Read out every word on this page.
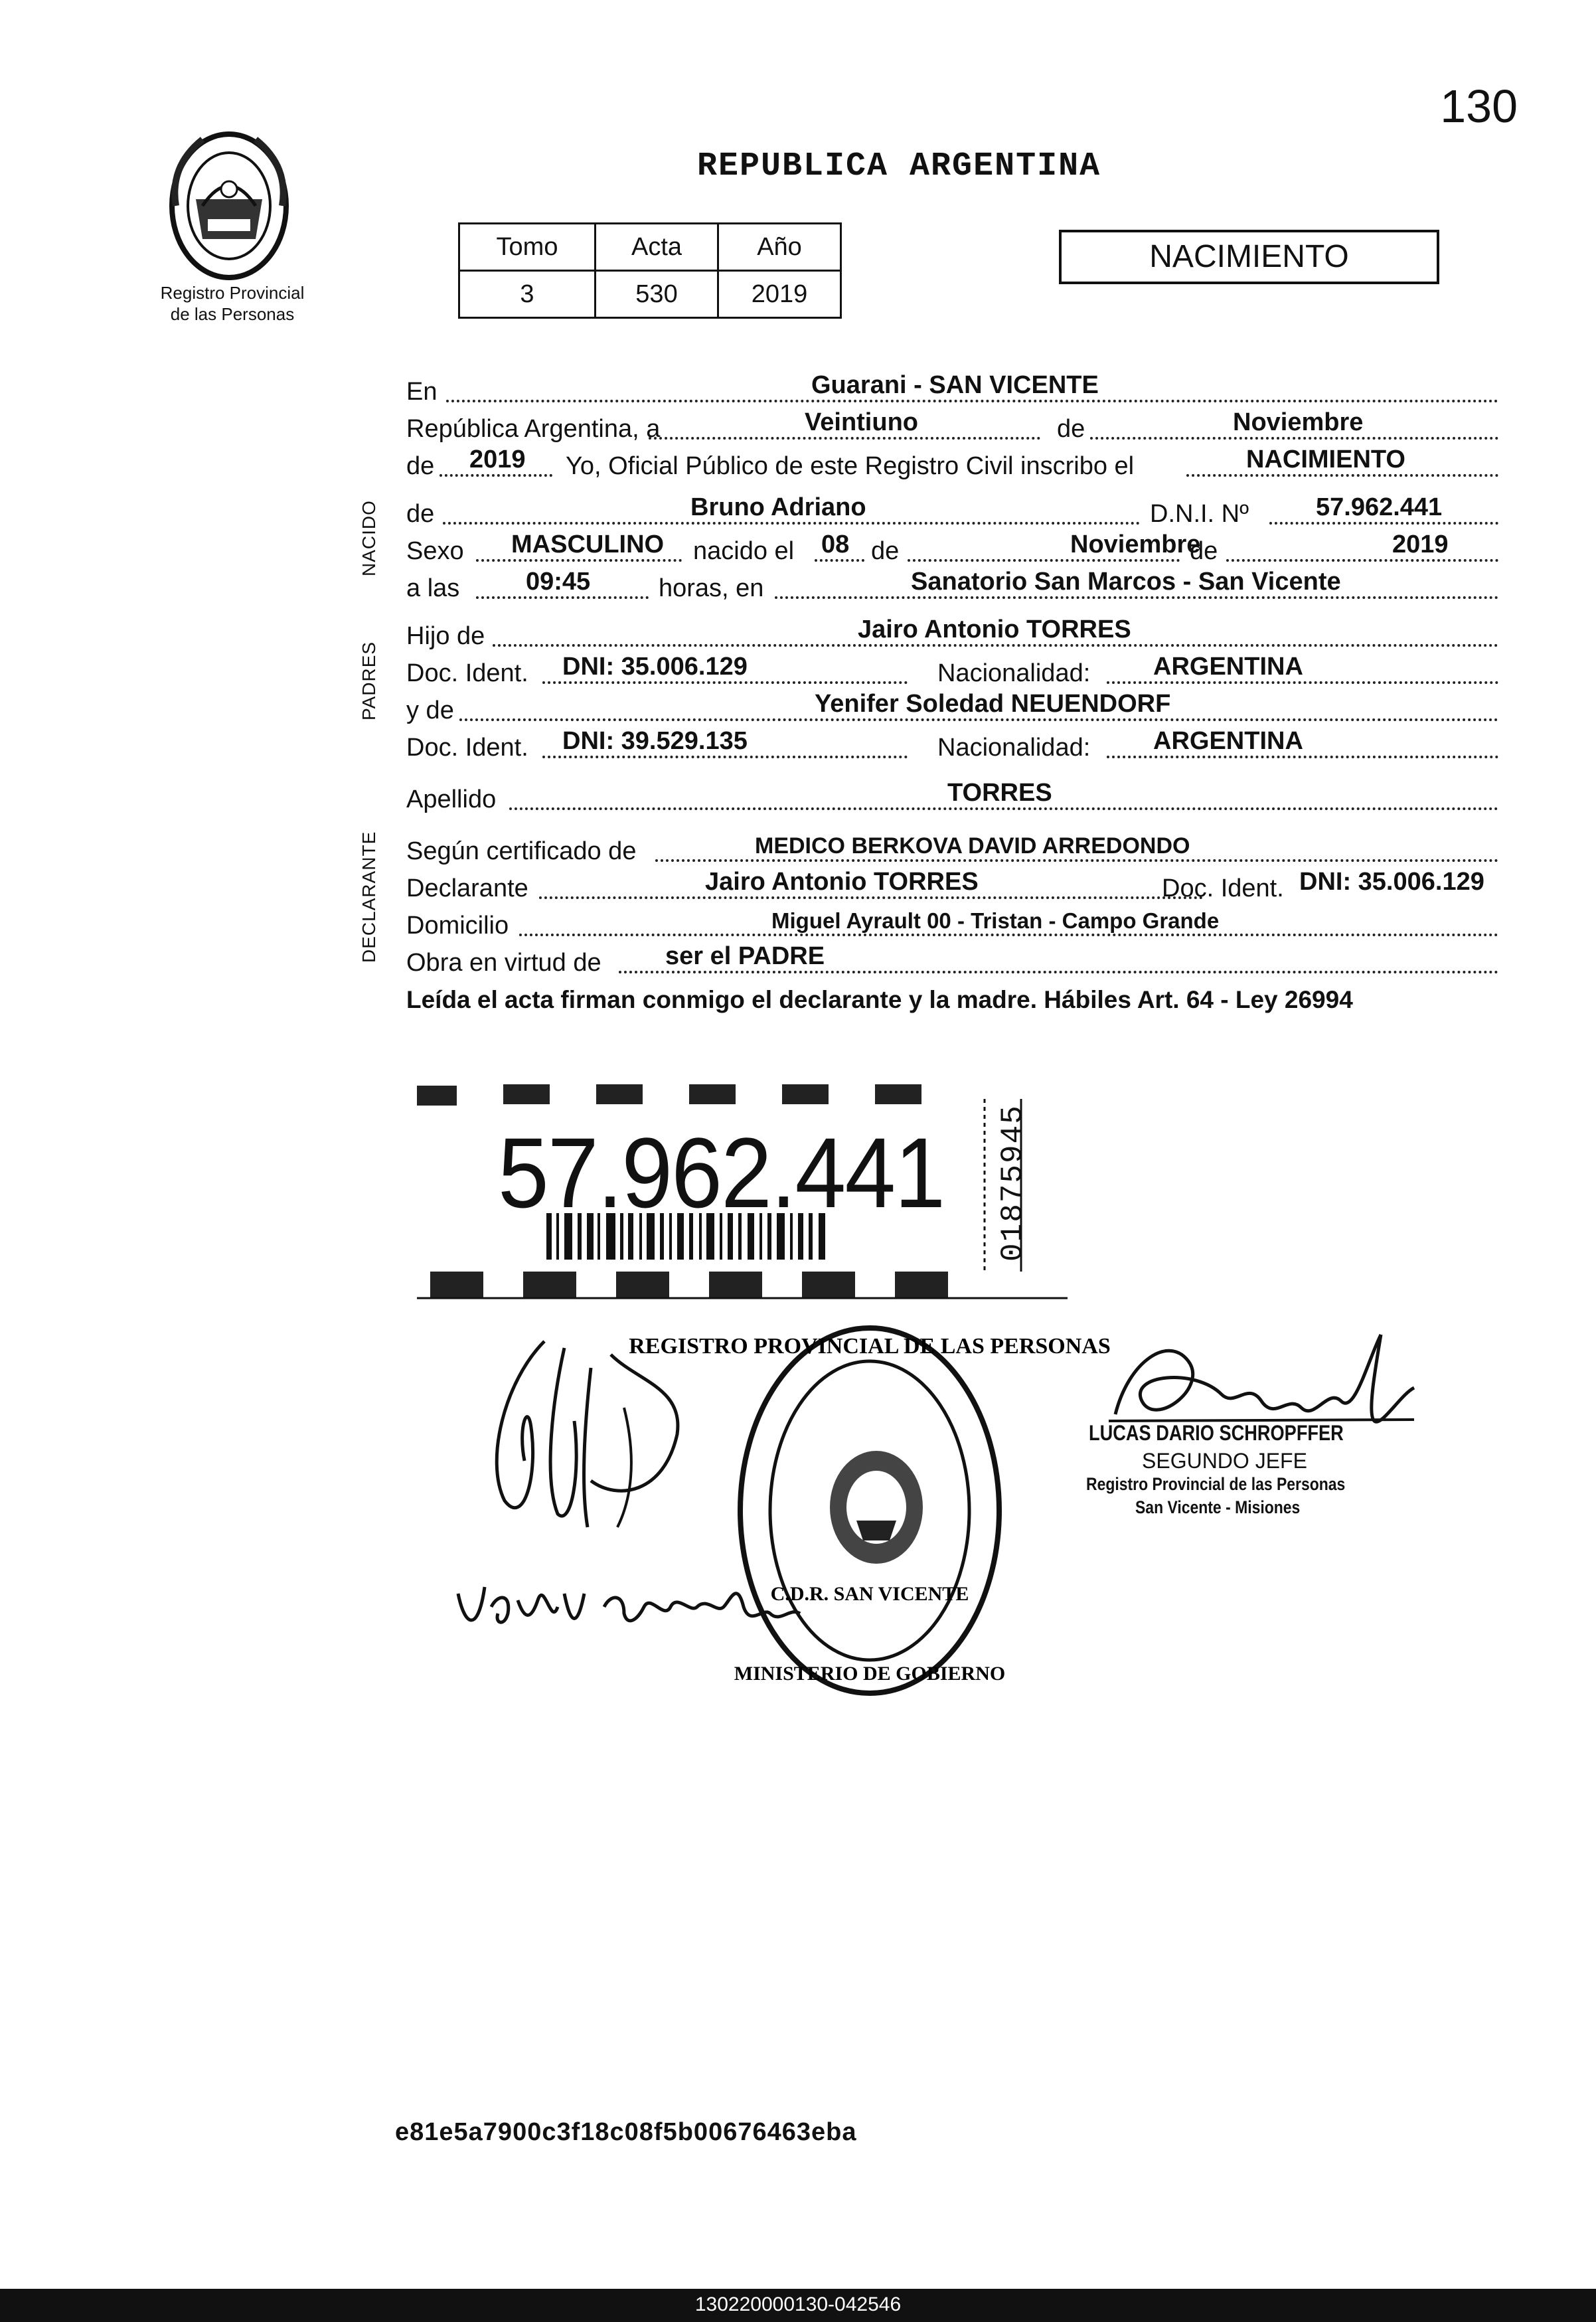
130
Registro Provincial
de las Personas
REPUBLICA ARGENTINA
Tomo	Acta	Año
3	530	2019
NACIMIENTO
NACIDO
PADRES
DECLARANTE
En	Guarani - SAN VICENTE
República Argentina, a	Veintiuno	de	Noviembre
de 2019 Yo, Oficial Público de este Registro Civil inscribo el	NACIMIENTO
de	Bruno Adriano	D.N.I. Nº	57.962.441
Sexo MASCULINO nacido el 08 de	Noviembre
de	2019
a las	09:45	horas, en	Sanatorio San Marcos - San Vicente
Hijo de	Jairo Antonio TORRES
Doc. Ident. DNI: 35.006.129	Nacionalidad: ARGENTINA
y de	Yenifer Soledad NEUENDORF
Doc. Ident. DNI: 39.529.135	Nacionalidad: ARGENTINA
Apellido	TORRES
Según certificado de	MEDICO BERKOVA DAVID ARREDONDO
Declarante	Jairo Antonio TORRES	Doc. Ident. DNI: 35.006.129
Domicilio	Miguel Ayrault 00 - Tristan - Campo Grande
Obra en virtud de	ser el PADRE
Leída el acta firman conmigo el declarante y la madre. Hábiles Art. 64 - Ley 26994
57.962.441 01875945
REGISTRO PROVINCIAL DE LAS PERSONAS
C.D.R. SAN VICENTE
MINISTERIO DE GOBIERNO
LUCAS DARIO SCHROPFFER
SEGUNDO JEFE
Registro Provincial de las Personas
San Vicente - Misiones
e81e5a7900c3f18c08f5b00676463eba
130220000130-042546
